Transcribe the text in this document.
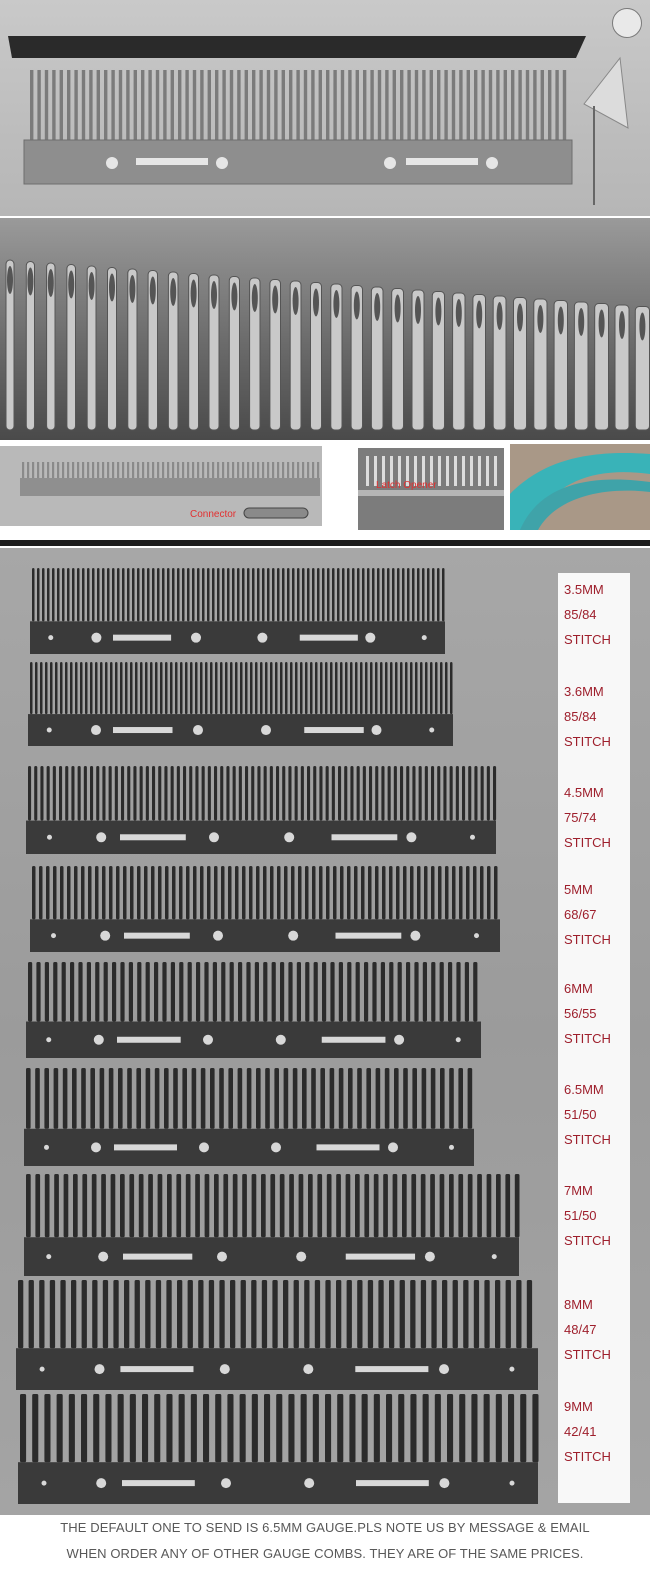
Connector
Latch Opener
3.5MM
85/84
STITCH
3.6MM
85/84
STITCH
4.5MM
75/74
STITCH
5MM
68/67
STITCH
6MM
56/55
STITCH
6.5MM
51/50
STITCH
7MM
51/50
STITCH
8MM
48/47
STITCH
9MM
42/41
STITCH
THE DEFAULT ONE TO SEND IS 6.5MM GAUGE.PLS NOTE US BY MESSAGE & EMAIL
WHEN ORDER ANY OF OTHER GAUGE COMBS. THEY ARE OF THE SAME PRICES.
